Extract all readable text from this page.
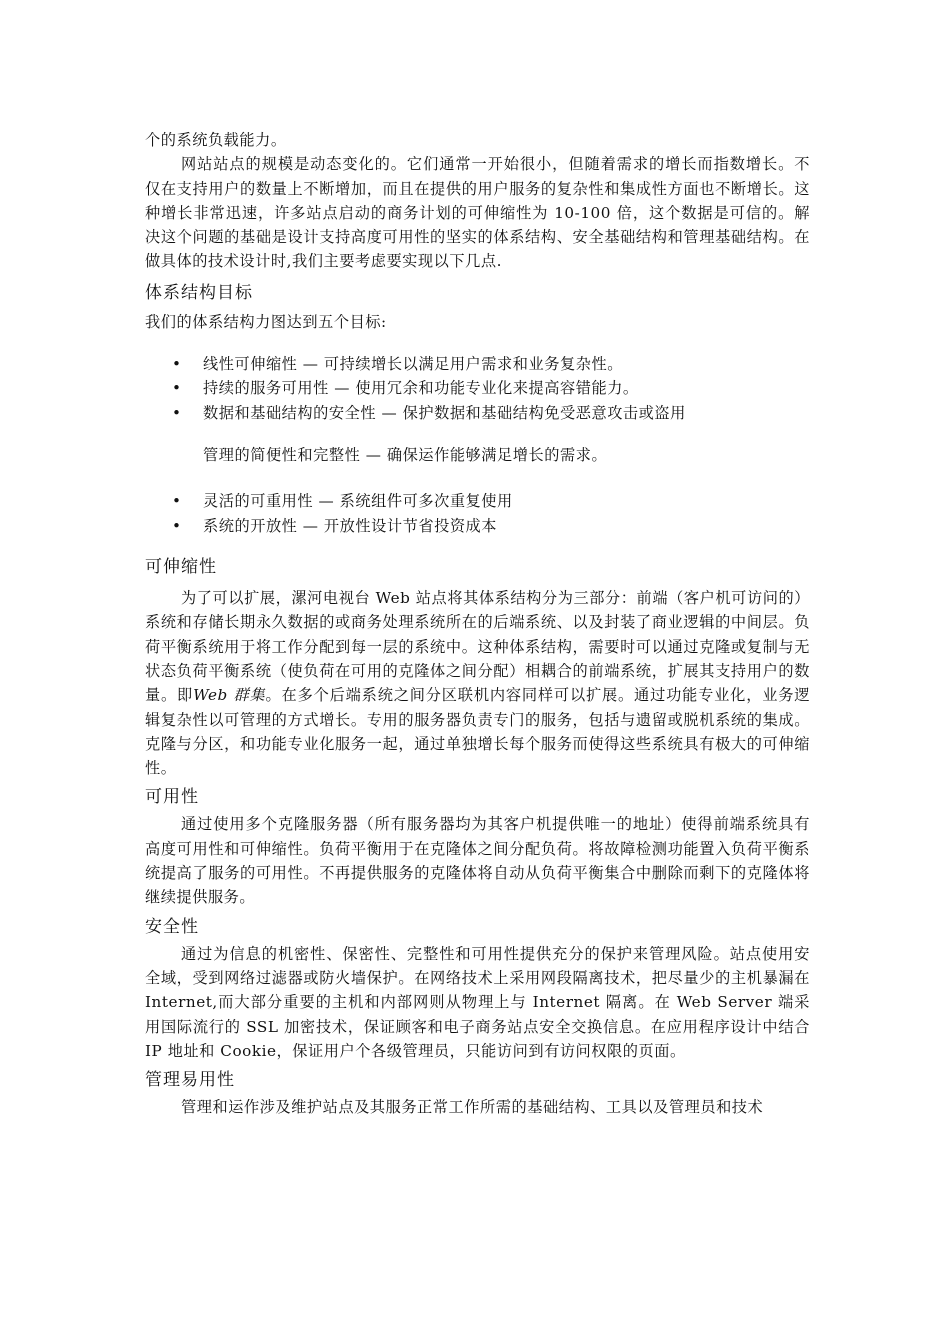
个的系统负载能力。

网站站点的规模是动态变化的。它们通常一开始很小，但随着需求的增长而指数增长。不仅在支持用户的数量上不断增加，而且在提供的用户服务的复杂性和集成性方面也不断增长。这种增长非常迅速，许多站点启动的商务计划的可伸缩性为 10-100 倍，这个数据是可信的。解决这个问题的基础是设计支持高度可用性的坚实的体系结构、安全基础结构和管理基础结构。在做具体的技术设计时,我们主要考虑要实现以下几点.

体系结构目标

我们的体系结构力图达到五个目标:

• 线性可伸缩性 — 可持续增长以满足用户需求和业务复杂性。
• 持续的服务可用性 — 使用冗余和功能专业化来提高容错能力。
• 数据和基础结构的安全性 — 保护数据和基础结构免受恶意攻击或盗用

管理的简便性和完整性 — 确保运作能够满足增长的需求。

• 灵活的可重用性 — 系统组件可多次重复使用
• 系统的开放性 — 开放性设计节省投资成本
可伸缩性

为了可以扩展，漯河电视台 Web 站点将其体系结构分为三部分：前端（客户机可访问的）系统和存储长期永久数据的或商务处理系统所在的后端系统、以及封装了商业逻辑的中间层。负荷平衡系统用于将工作分配到每一层的系统中。这种体系结构，需要时可以通过克隆或复制与无状态负荷平衡系统（使负荷在可用的克隆体之间分配）相耦合的前端系统，扩展其支持用户的数量。即Web 群集。在多个后端系统之间分区联机内容同样可以扩展。通过功能专业化，业务逻辑复杂性以可管理的方式增长。专用的服务器负责专门的服务，包括与遗留或脱机系统的集成。克隆与分区，和功能专业化服务一起，通过单独增长每个服务而使得这些系统具有极大的可伸缩性。

可用性

通过使用多个克隆服务器（所有服务器均为其客户机提供唯一的地址）使得前端系统具有高度可用性和可伸缩性。负荷平衡用于在克隆体之间分配负荷。将故障检测功能置入负荷平衡系统提高了服务的可用性。不再提供服务的克隆体将自动从负荷平衡集合中删除而剩下的克隆体将继续提供服务。

安全性

通过为信息的机密性、保密性、完整性和可用性提供充分的保护来管理风险。站点使用安全域，受到网络过滤器或防火墙保护。在网络技术上采用网段隔离技术，把尽量少的主机暴漏在 Internet,而大部分重要的主机和内部网则从物理上与 Internet 隔离。在 Web Server 端采用国际流行的 SSL 加密技术，保证顾客和电子商务站点安全交换信息。在应用程序设计中结合 IP 地址和 Cookie，保证用户个各级管理员，只能访问到有访问权限的页面。

管理易用性

管理和运作涉及维护站点及其服务正常工作所需的基础结构、工具以及管理员和技术
